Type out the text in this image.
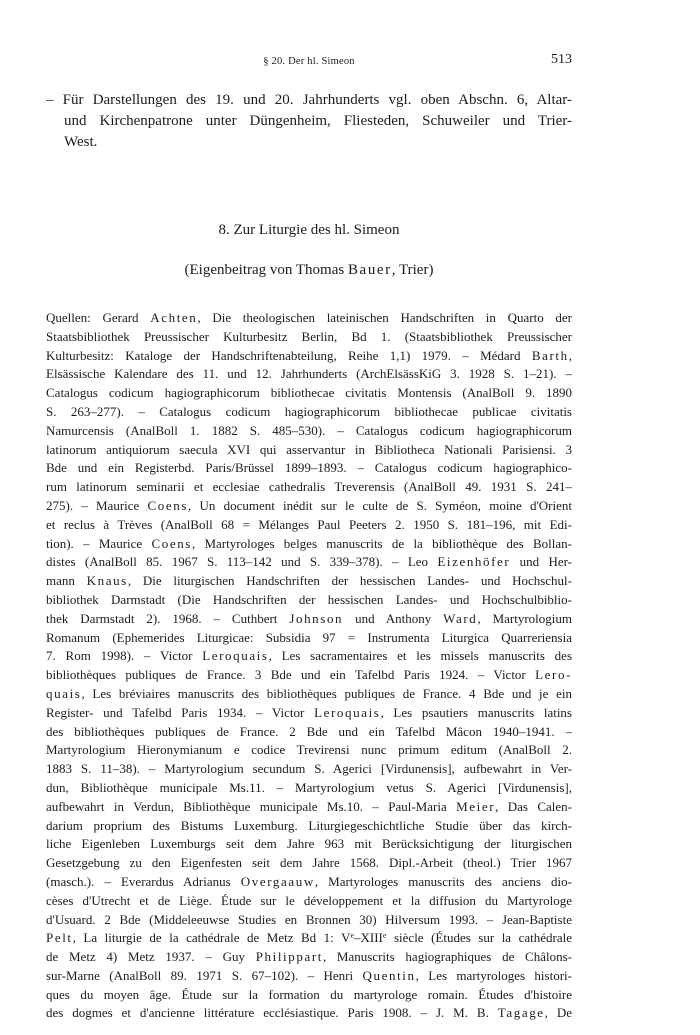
§ 20. Der hl. Simeon	513
– Für Darstellungen des 19. und 20. Jahrhunderts vgl. oben Abschn. 6, Altar-
und Kirchenpatrone unter Düngenheim, Fliesteden, Schuweiler und Trier-
West.
8. Zur Liturgie des hl. Simeon
(Eigenbeitrag von Thomas Bauer, Trier)
Quellen: Gerard Achten, Die theologischen lateinischen Handschriften in Quarto der
Staatsbibliothek Preussischer Kulturbesitz Berlin, Bd 1. (Staatsbibliothek Preussischer
Kulturbesitz: Kataloge der Handschriftenabteilung, Reihe 1,1) 1979. – Médard Barth,
Elsässische Kalendare des 11. und 12. Jahrhunderts (ArchElsässKiG 3. 1928 S. 1–21). –
Catalogus codicum hagiographicorum bibliothecae civitatis Montensis (AnalBoll 9. 1890
S. 263–277). – Catalogus codicum hagiographicorum bibliothecae publicae civitatis
Namurcensis (AnalBoll 1. 1882 S. 485–530). – Catalogus codicum hagiographicorum
latinorum antiquiorum saecula XVI qui asservantur in Bibliotheca Nationali Parisiensi. 3
Bde und ein Registerbd. Paris/Brüssel 1899–1893. – Catalogus codicum hagiographico-
rum latinorum seminarii et ecclesiae cathedralis Treverensis (AnalBoll 49. 1931 S. 241–
275). – Maurice Coens, Un document inédit sur le culte de S. Syméon, moine d'Orient
et reclus à Trèves (AnalBoll 68 = Mélanges Paul Peeters 2. 1950 S. 181–196, mit Edi-
tion). – Maurice Coens, Martyrologes belges manuscrits de la bibliothèque des Bollan-
distes (AnalBoll 85. 1967 S. 113–142 und S. 339–378). – Leo Eizenhöfer und Her-
mann Knaus, Die liturgischen Handschriften der hessischen Landes- und Hochschul-
bibliothek Darmstadt (Die Handschriften der hessischen Landes- und Hochschulbiblio-
thek Darmstadt 2). 1968. – Cuthbert Johnson und Anthony Ward, Martyrologium
Romanum (Ephemerides Liturgicae: Subsidia 97 = Instrumenta Liturgica Quarreriensia
7. Rom 1998). – Victor Leroquais, Les sacramentaires et les missels manuscrits des
bibliothèques publiques de France. 3 Bde und ein Tafelbd Paris 1924. – Victor Lero-
quais, Les bréviaires manuscrits des bibliothèques publiques de France. 4 Bde und je ein
Register- und Tafelbd Paris 1934. – Victor Leroquais, Les psautiers manuscrits latins
des bibliothèques publiques de France. 2 Bde und ein Tafelbd Mâcon 1940–1941. –
Martyrologium Hieronymianum e codice Trevirensi nunc primum editum (AnalBoll 2.
1883 S. 11–38). – Martyrologium secundum S. Agerici [Virdunensis], aufbewahrt in Ver-
dun, Bibliothèque municipale Ms.11. – Martyrologium vetus S. Agerici [Virdunensis],
aufbewahrt in Verdun, Bibliothèque municipale Ms.10. – Paul-Maria Meier, Das Calen-
darium proprium des Bistums Luxemburg. Liturgiegeschichtliche Studie über das kirch-
liche Eigenleben Luxemburgs seit dem Jahre 963 mit Berücksichtigung der liturgischen
Gesetzgebung zu den Eigenfesten seit dem Jahre 1568. Dipl.-Arbeit (theol.) Trier 1967
(masch.). – Everardus Adrianus Overgaauw, Martyrologes manuscrits des anciens dio-
cèses d'Utrecht et de Liège. Étude sur le développement et la diffusion du Martyrologe
d'Usuard. 2 Bde (Middeleeuwse Studies en Bronnen 30) Hilversum 1993. – Jean-Baptiste
Pelt, La liturgie de la cathédrale de Metz Bd 1: Ve–XIIIe siècle (Études sur la cathédrale
de Metz 4) Metz 1937. – Guy Philippart, Manuscrits hagiographiques de Châlons-
sur-Marne (AnalBoll 89. 1971 S. 67–102). – Henri Quentin, Les martyrologes histori-
ques du moyen âge. Étude sur la formation du martyrologe romain. Études d'histoire
des dogmes et d'ancienne littérature ecclésiastique. Paris 1908. – J. M. B. Tagage, De
